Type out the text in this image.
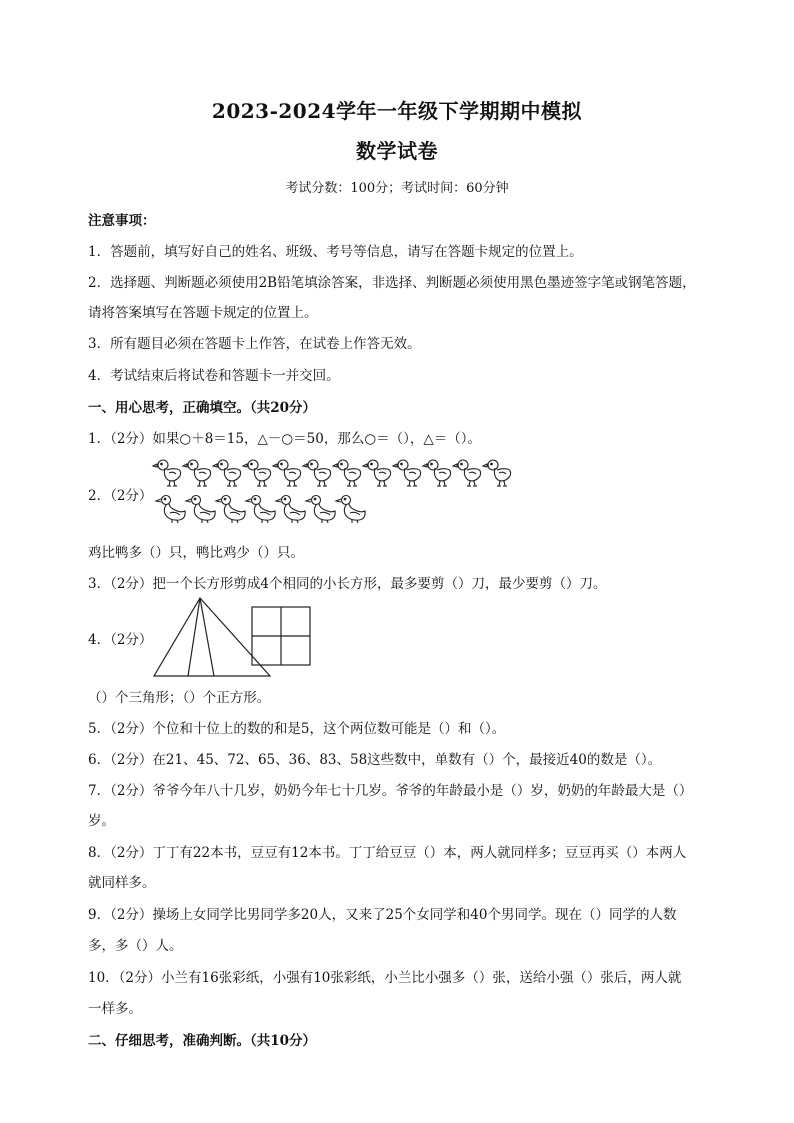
2023-2024学年一年级下学期期中模拟
数学试卷
考试分数：100分；考试时间：60分钟
注意事项：
1．答题前，填写好自己的姓名、班级、考号等信息，请写在答题卡规定的位置上。
2．选择题、判断题必须使用2B铅笔填涂答案，非选择、判断题必须使用黑色墨迹签字笔或钢笔答题，
请将答案填写在答题卡规定的位置上。
3．所有题目必须在答题卡上作答，在试卷上作答无效。
4．考试结束后将试卷和答题卡一并交回。
一、用心思考，正确填空。（共20分）
1．（2分）如果○＋8＝15，△－○＝50，那么○＝（），△＝（）。
2．（2分）
鸡比鸭多（）只，鸭比鸡少（）只。
3．（2分）把一个长方形剪成4个相同的小长方形，最多要剪（）刀，最少要剪（）刀。
4．（2分）
（）个三角形；（）个正方形。
5．（2分）个位和十位上的数的和是5，这个两位数可能是（）和（）。
6．（2分）在21、45、72、65、36、83、58这些数中，单数有（）个，最接近40的数是（）。
7．（2分）爷爷今年八十几岁，奶奶今年七十几岁。爷爷的年龄最小是（）岁，奶奶的年龄最大是（）
岁。
8．（2分）丁丁有22本书，豆豆有12本书。丁丁给豆豆（）本，两人就同样多；豆豆再买（）本两人
就同样多。
9．（2分）操场上女同学比男同学多20人，又来了25个女同学和40个男同学。现在（）同学的人数
多，多（）人。
10．（2分）小兰有16张彩纸，小强有10张彩纸，小兰比小强多（）张，送给小强（）张后，两人就
一样多。
二、仔细思考，准确判断。（共10分）
